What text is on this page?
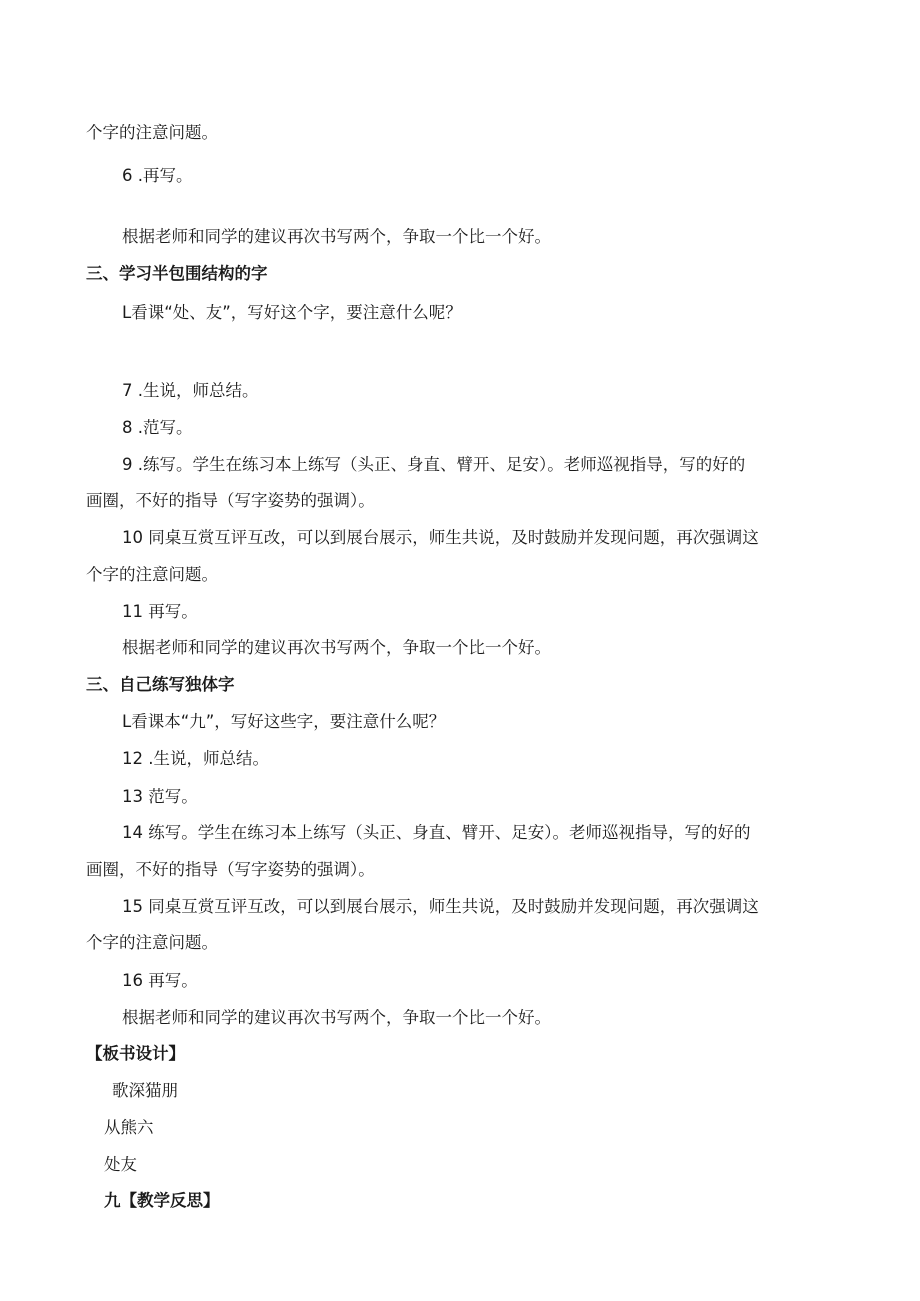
个字的注意问题。
6 .再写。
根据老师和同学的建议再次书写两个，争取一个比一个好。
三、学习半包围结构的字
L看课“处、友”，写好这个字，要注意什么呢？
7 .生说，师总结。
8 .范写。
9 .练写。学生在练习本上练写（头正、身直、臂开、足安）。老师巡视指导，写的好的
画圈，不好的指导（写字姿势的强调）。
10 同桌互赏互评互改，可以到展台展示，师生共说，及时鼓励并发现问题，再次强调这
个字的注意问题。
11 再写。
根据老师和同学的建议再次书写两个，争取一个比一个好。
三、自己练写独体字
L看课本“九”，写好这些字，要注意什么呢？
12 .生说，师总结。
13 范写。
14 练写。学生在练习本上练写（头正、身直、臂开、足安）。老师巡视指导，写的好的
画圈，不好的指导（写字姿势的强调）。
15 同桌互赏互评互改，可以到展台展示，师生共说，及时鼓励并发现问题，再次强调这
个字的注意问题。
16 再写。
根据老师和同学的建议再次书写两个，争取一个比一个好。
【板书设计】
歌深猫朋
从熊六
处友
九【教学反思】
